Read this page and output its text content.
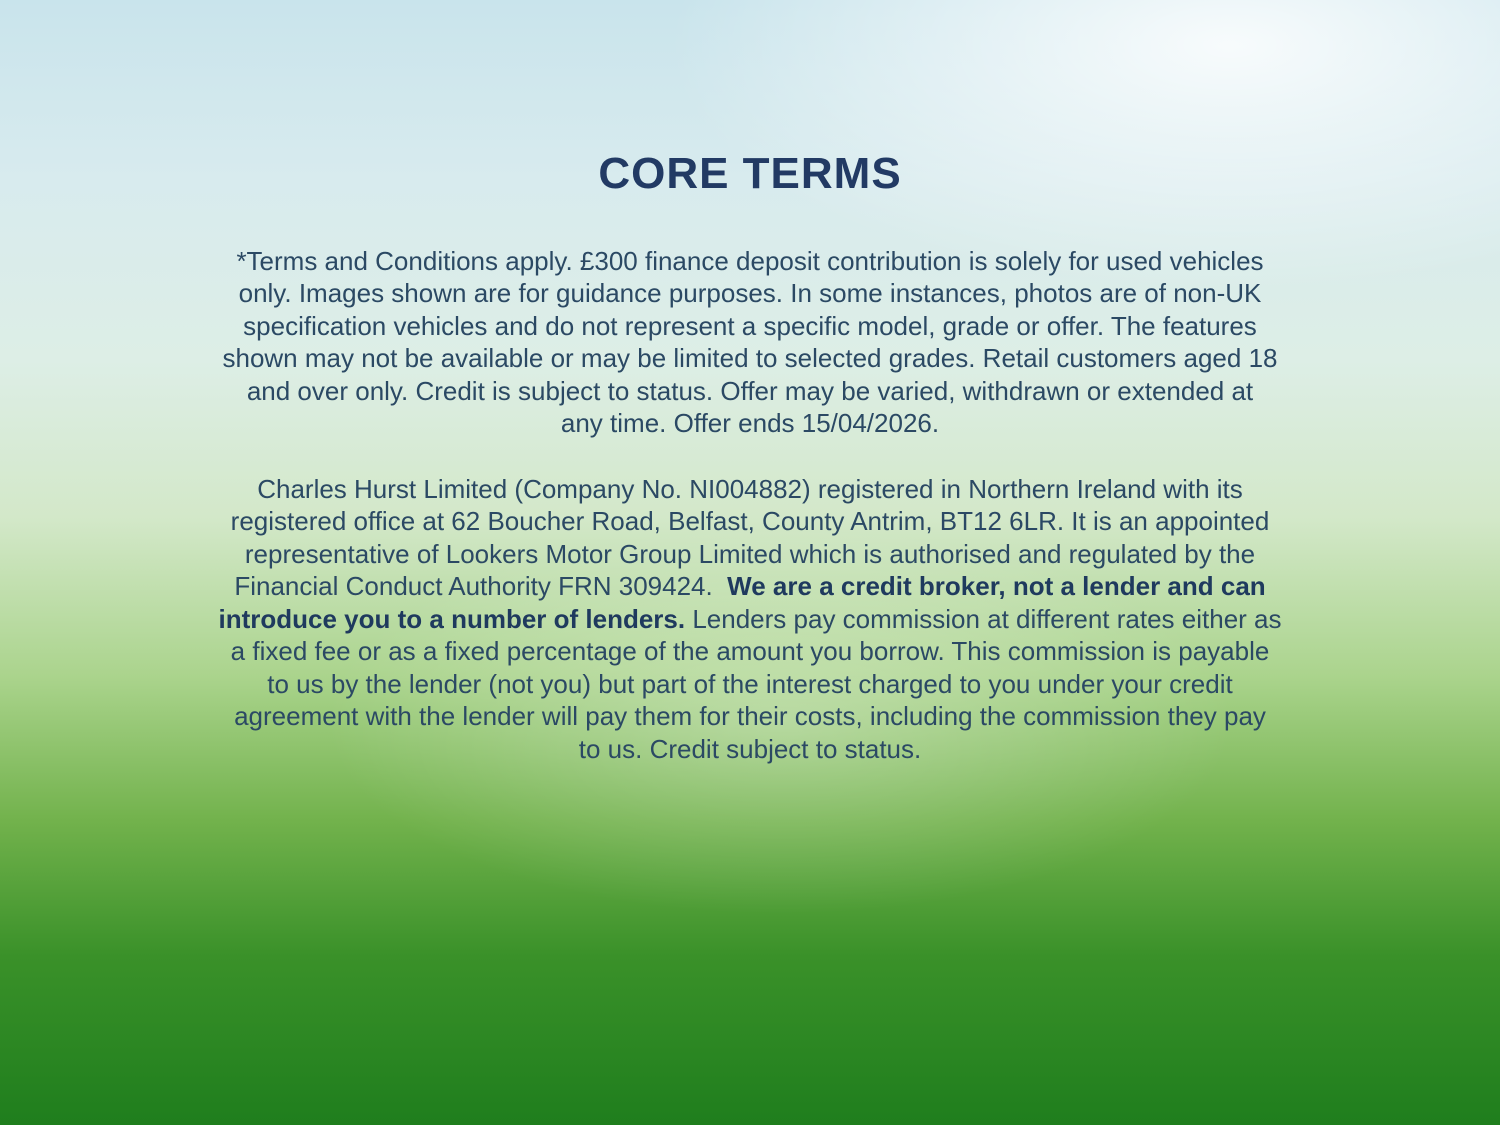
CORE TERMS
*Terms and Conditions apply. £300 finance deposit contribution is solely for used vehicles
only. Images shown are for guidance purposes. In some instances, photos are of non-UK
specification vehicles and do not represent a specific model, grade or offer. The features
shown may not be available or may be limited to selected grades. Retail customers aged 18
and over only. Credit is subject to status. Offer may be varied, withdrawn or extended at
any time. Offer ends 15/04/2026.
Charles Hurst Limited (Company No. NI004882) registered in Northern Ireland with its
registered office at 62 Boucher Road, Belfast, County Antrim, BT12 6LR. It is an appointed
representative of Lookers Motor Group Limited which is authorised and regulated by the
Financial Conduct Authority FRN 309424. We are a credit broker, not a lender and can
introduce you to a number of lenders. Lenders pay commission at different rates either as
a fixed fee or as a fixed percentage of the amount you borrow. This commission is payable
to us by the lender (not you) but part of the interest charged to you under your credit
agreement with the lender will pay them for their costs, including the commission they pay
to us. Credit subject to status.
